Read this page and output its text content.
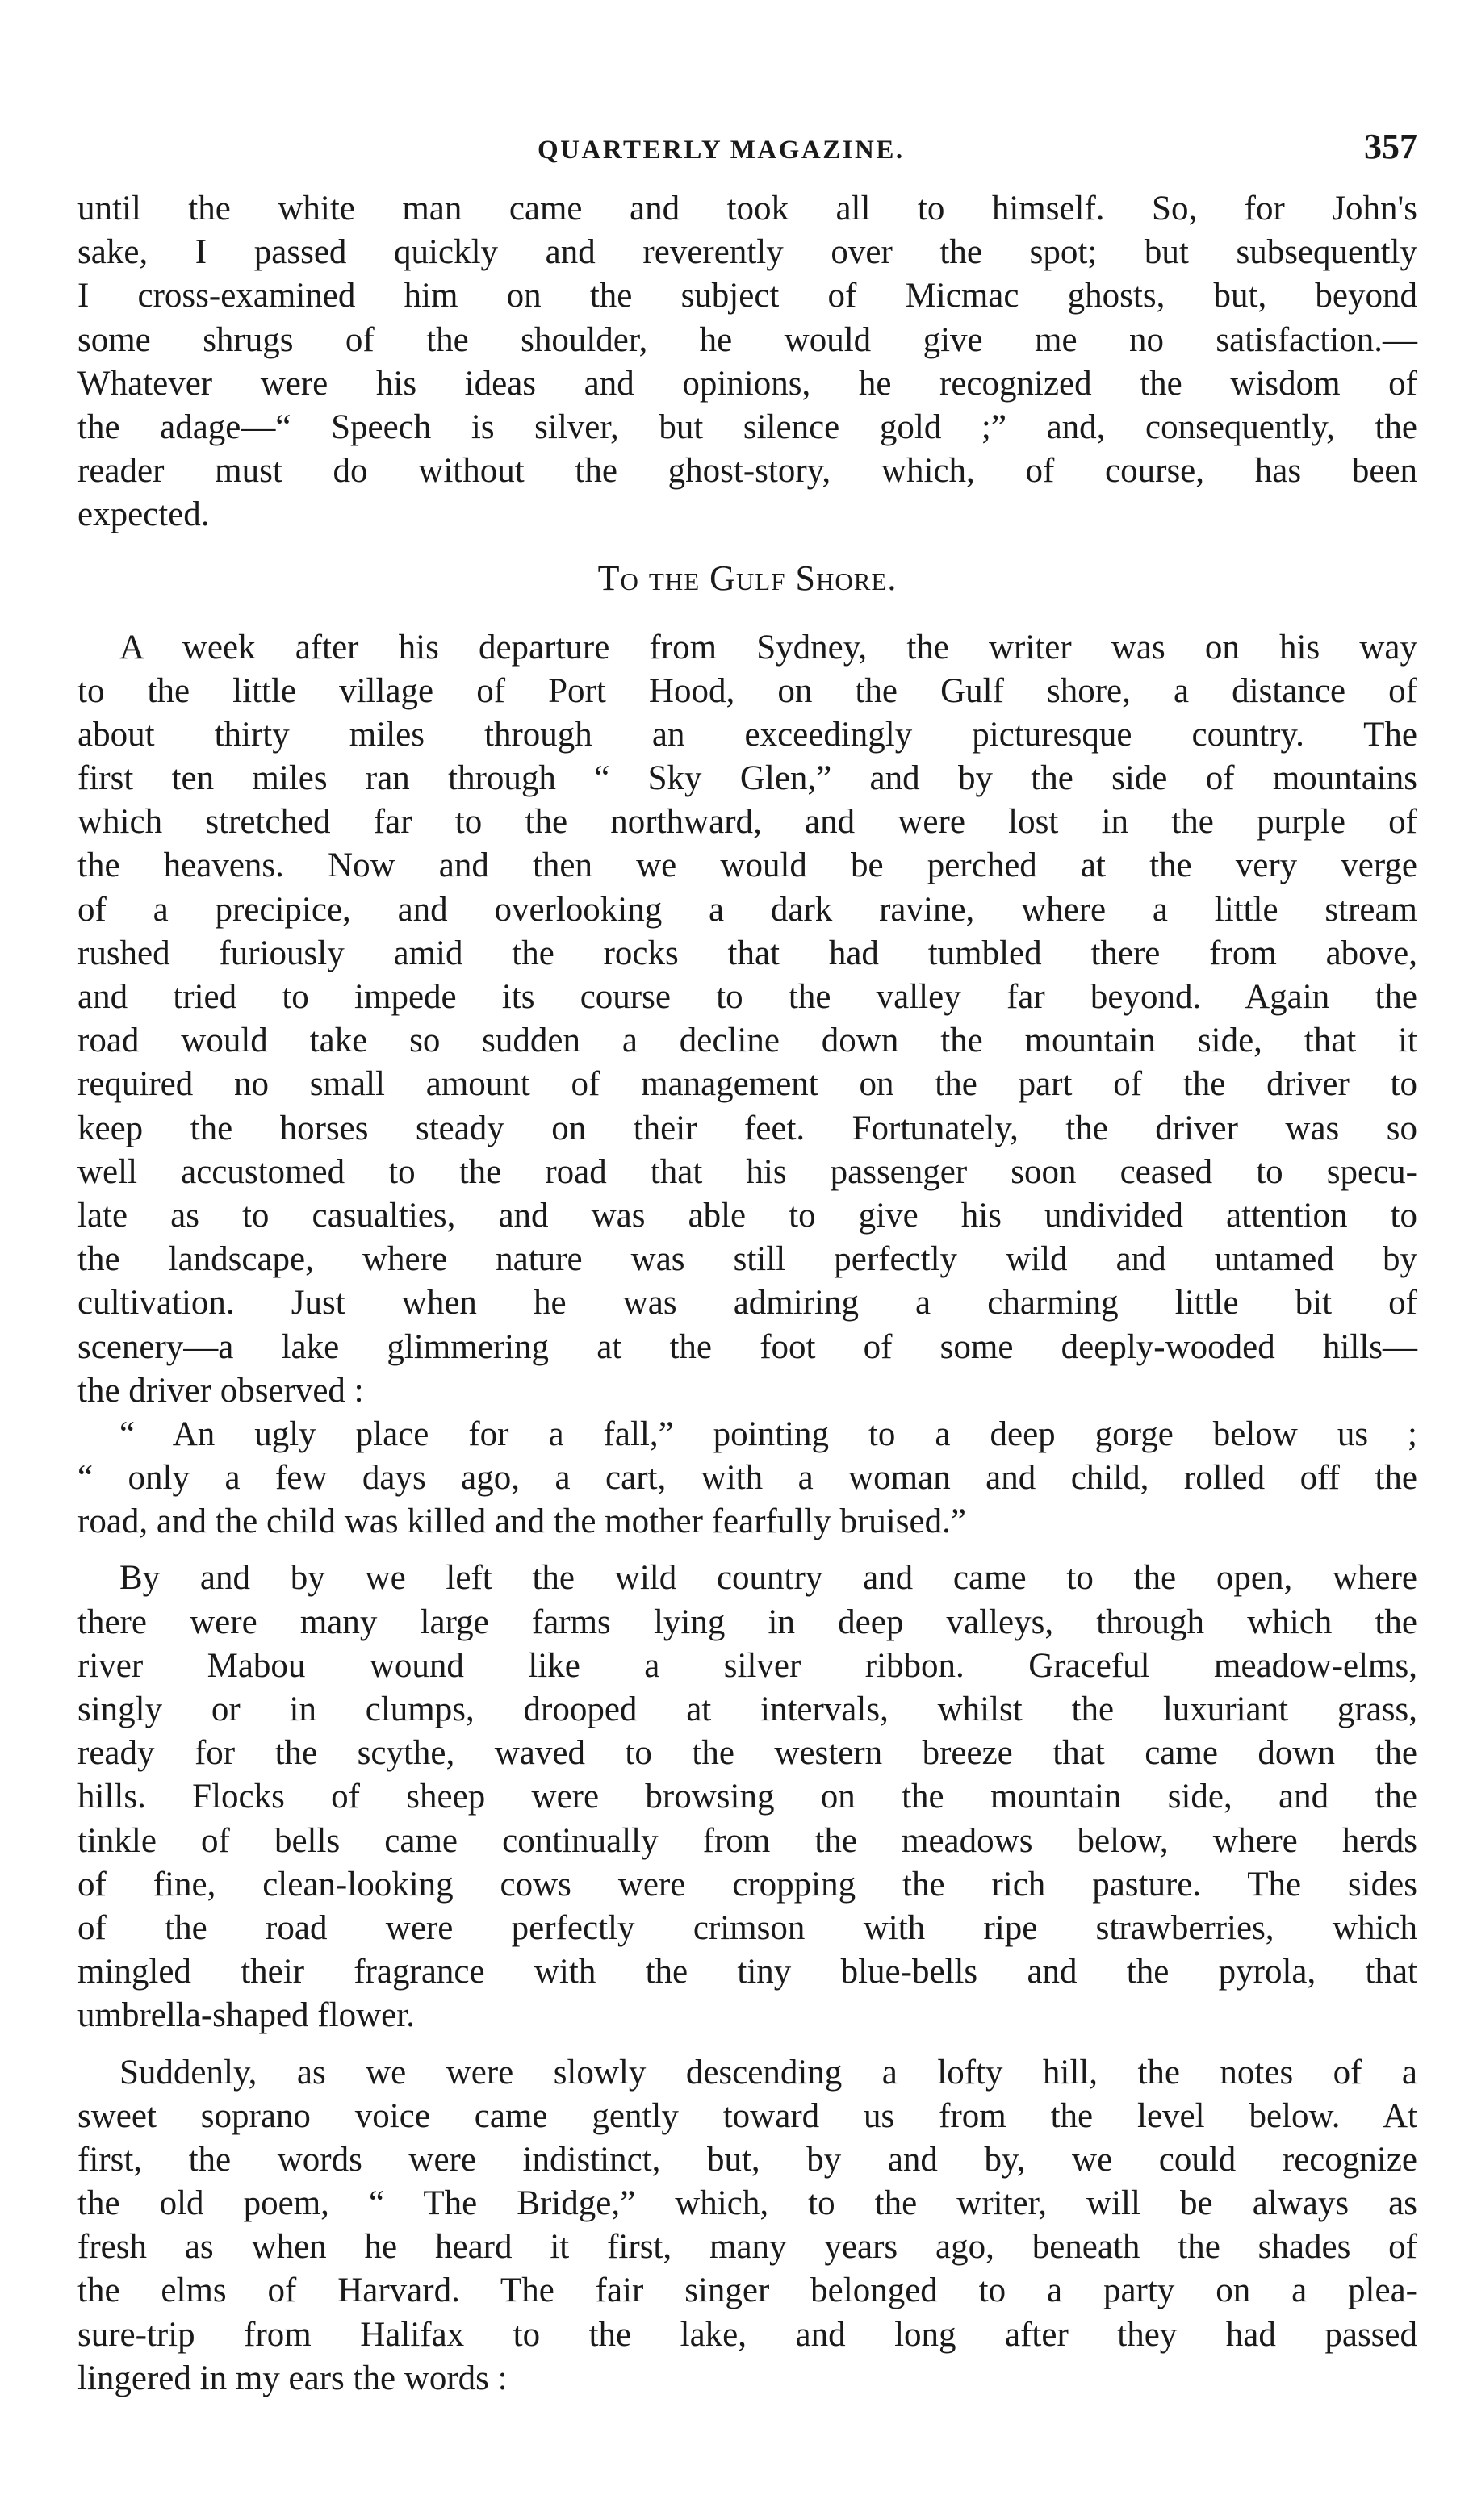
QUARTERLY MAGAZINE.	357
until the white man came and took all to himself. So, for John's
sake, I passed quickly and reverently over the spot; but subsequently
I cross-examined him on the subject of Micmac ghosts, but, beyond
some shrugs of the shoulder, he would give me no satisfaction.—
Whatever were his ideas and opinions, he recognized the wisdom of
the adage—“ Speech is silver, but silence gold ;” and, consequently, the
reader must do without the ghost-story, which, of course, has been
expected.
To the Gulf Shore.
A week after his departure from Sydney, the writer was on his way
to the little village of Port Hood, on the Gulf shore, a distance of
about thirty miles through an exceedingly picturesque country. The
first ten miles ran through “ Sky Glen,” and by the side of mountains
which stretched far to the northward, and were lost in the purple of
the heavens. Now and then we would be perched at the very verge
of a precipice, and overlooking a dark ravine, where a little stream
rushed furiously amid the rocks that had tumbled there from above,
and tried to impede its course to the valley far beyond. Again the
road would take so sudden a decline down the mountain side, that it
required no small amount of management on the part of the driver to
keep the horses steady on their feet. Fortunately, the driver was so
well accustomed to the road that his passenger soon ceased to specu-
late as to casualties, and was able to give his undivided attention to
the landscape, where nature was still perfectly wild and untamed by
cultivation. Just when he was admiring a charming little bit of
scenery—a lake glimmering at the foot of some deeply-wooded hills—
the driver observed :
“ An ugly place for a fall,” pointing to a deep gorge below us ;
“ only a few days ago, a cart, with a woman and child, rolled off the
road, and the child was killed and the mother fearfully bruised.”
By and by we left the wild country and came to the open, where
there were many large farms lying in deep valleys, through which the
river Mabou wound like a silver ribbon. Graceful meadow-elms,
singly or in clumps, drooped at intervals, whilst the luxuriant grass,
ready for the scythe, waved to the western breeze that came down the
hills. Flocks of sheep were browsing on the mountain side, and the
tinkle of bells came continually from the meadows below, where herds
of fine, clean-looking cows were cropping the rich pasture. The sides
of the road were perfectly crimson with ripe strawberries, which
mingled their fragrance with the tiny blue-bells and the pyrola, that
umbrella-shaped flower.
Suddenly, as we were slowly descending a lofty hill, the notes of a
sweet soprano voice came gently toward us from the level below. At
first, the words were indistinct, but, by and by, we could recognize
the old poem, “ The Bridge,” which, to the writer, will be always as
fresh as when he heard it first, many years ago, beneath the shades of
the elms of Harvard. The fair singer belonged to a party on a plea-
sure-trip from Halifax to the lake, and long after they had passed
lingered in my ears the words :
